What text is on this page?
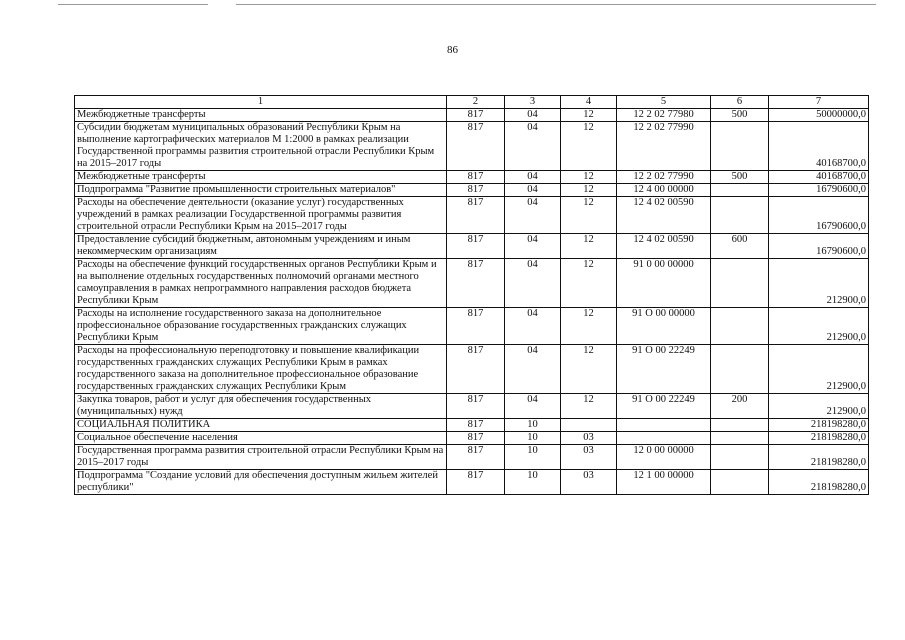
86
1	2	3	4	5	6	7
Межбюджетные трансферты	817	04	12	12 2 02 77980	500	50000000,0
Субсидии бюджетам муниципальных образований Республики Крым на выполнение картографических материалов М 1:2000 в рамках реализации Государственной программы развития строительной отрасли Республики Крым на 2015–2017 годы	817	04	12	12 2 02 77990		40168700,0
Межбюджетные трансферты	817	04	12	12 2 02 77990	500	40168700,0
Подпрограмма "Развитие промышленности строительных материалов"	817	04	12	12 4 00 00000		16790600,0
Расходы на обеспечение деятельности (оказание услуг) государственных учреждений в рамках реализации Государственной программы развития строительной отрасли Республики Крым на 2015–2017 годы	817	04	12	12 4 02 00590		16790600,0
Предоставление субсидий бюджетным, автономным учреждениям и иным некоммерческим организациям	817	04	12	12 4 02 00590	600	16790600,0
Расходы на обеспечение функций государственных органов Республики Крым и на выполнение отдельных государственных полномочий органами местного самоуправления в рамках непрограммного направления расходов бюджета Республики Крым	817	04	12	91 0 00 00000		212900,0
Расходы на исполнение государственного заказа на дополнительное профессиональное образование государственных гражданских служащих Республики Крым	817	04	12	91 О 00 00000		212900,0
Расходы на профессиональную переподготовку и повышение квалификации государственных гражданских служащих Республики Крым в рамках государственного заказа на дополнительное профессиональное образование государственных гражданских служащих Республики Крым	817	04	12	91 О 00 22249		212900,0
Закупка товаров, работ и услуг для обеспечения государственных (муниципальных) нужд	817	04	12	91 О 00 22249	200	212900,0
СОЦИАЛЬНАЯ ПОЛИТИКА	817	10				218198280,0
Социальное обеспечение населения	817	10	03			218198280,0
Государственная программа развития строительной отрасли Республики Крым на 2015–2017 годы	817	10	03	12 0 00 00000		218198280,0
Подпрограмма "Создание условий для обеспечения доступным жильем жителей республики"	817	10	03	12 1 00 00000		218198280,0
